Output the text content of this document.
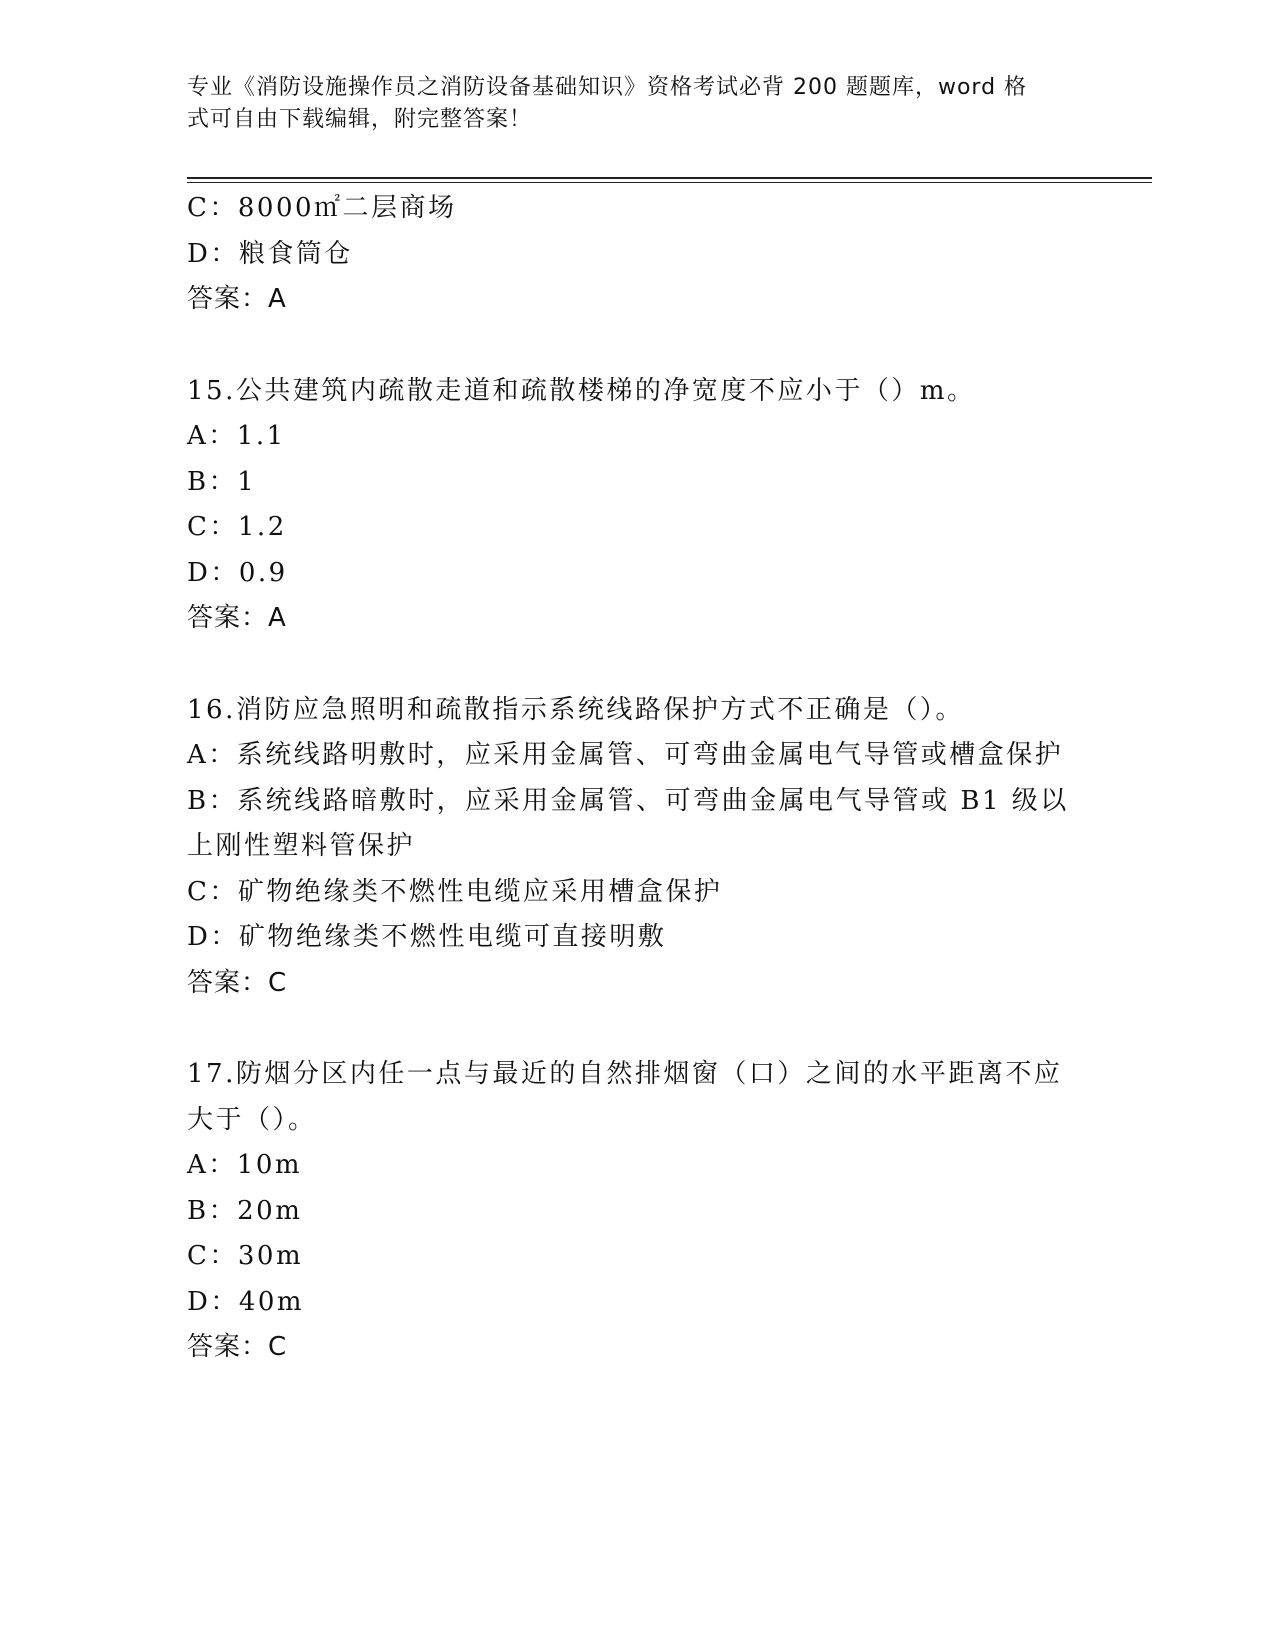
专业《消防设施操作员之消防设备基础知识》资格考试必背 200 题题库，word 格
式可自由下载编辑，附完整答案！
C：8000㎡二层商场
D：粮食筒仓
答案：A
15.公共建筑内疏散走道和疏散楼梯的净宽度不应小于（）m。
A：1.1
B：1
C：1.2
D：0.9
答案：A
16.消防应急照明和疏散指示系统线路保护方式不正确是（）。
A：系统线路明敷时，应采用金属管、可弯曲金属电气导管或槽盒保护
B：系统线路暗敷时，应采用金属管、可弯曲金属电气导管或 B1 级以
上刚性塑料管保护
C：矿物绝缘类不燃性电缆应采用槽盒保护
D：矿物绝缘类不燃性电缆可直接明敷
答案：C
17.防烟分区内任一点与最近的自然排烟窗（口）之间的水平距离不应
大于（）。
A：10m
B：20m
C：30m
D：40m
答案：C
